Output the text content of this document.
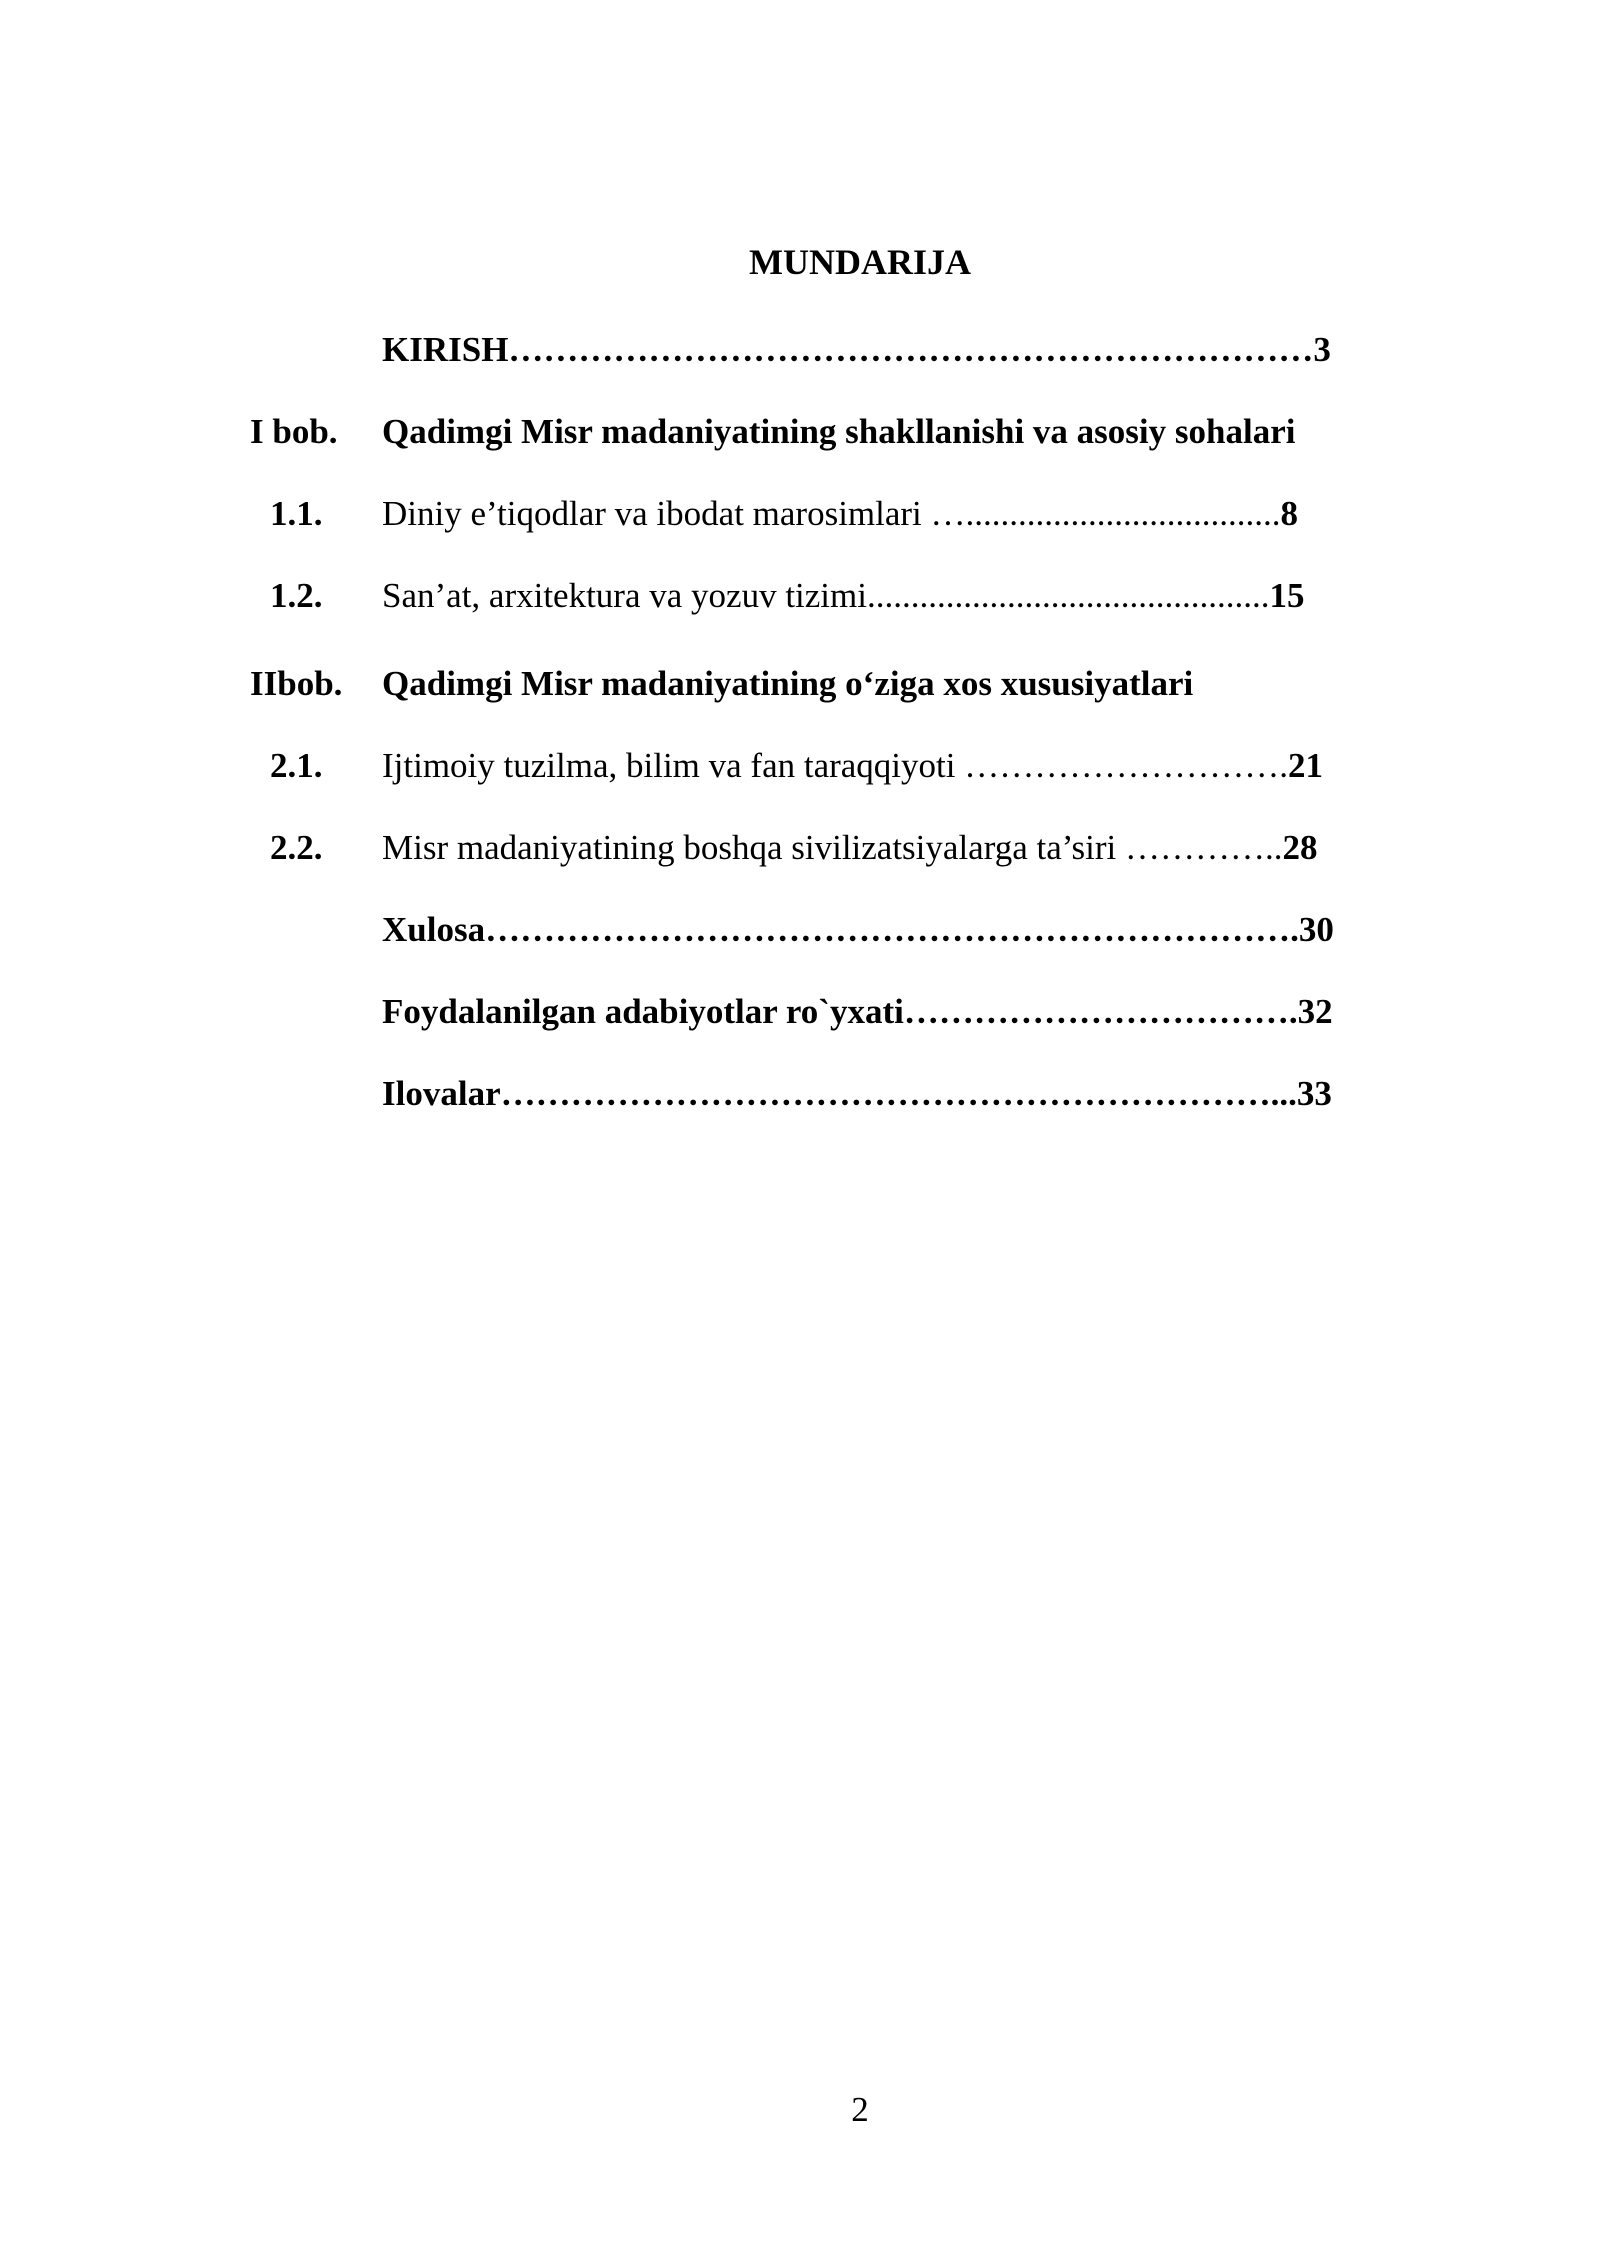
MUNDARIJA
KIRISH……………………………………………………………3
I bob. Qadimgi Misr madaniyatining shakllanishi va asosiy sohalari
1.1. Diniy e’tiqodlar va ibodat marosimlari …....................................8
1.2. San’at, arxitektura va yozuv tizimi..............................................15
IIbob. Qadimgi Misr madaniyatining o‘ziga xos xususiyatlari
2.1. Ijtimoiy tuzilma, bilim va fan taraqqiyoti ……………………….21
2.2. Misr madaniyatining boshqa sivilizatsiyalarga ta’siri …………..28
Xulosa…………………………………………………………….30
Foydalanilgan adabiyotlar ro`yxati…………………………….32
Ilovalar…………………………………………………………...33
2
